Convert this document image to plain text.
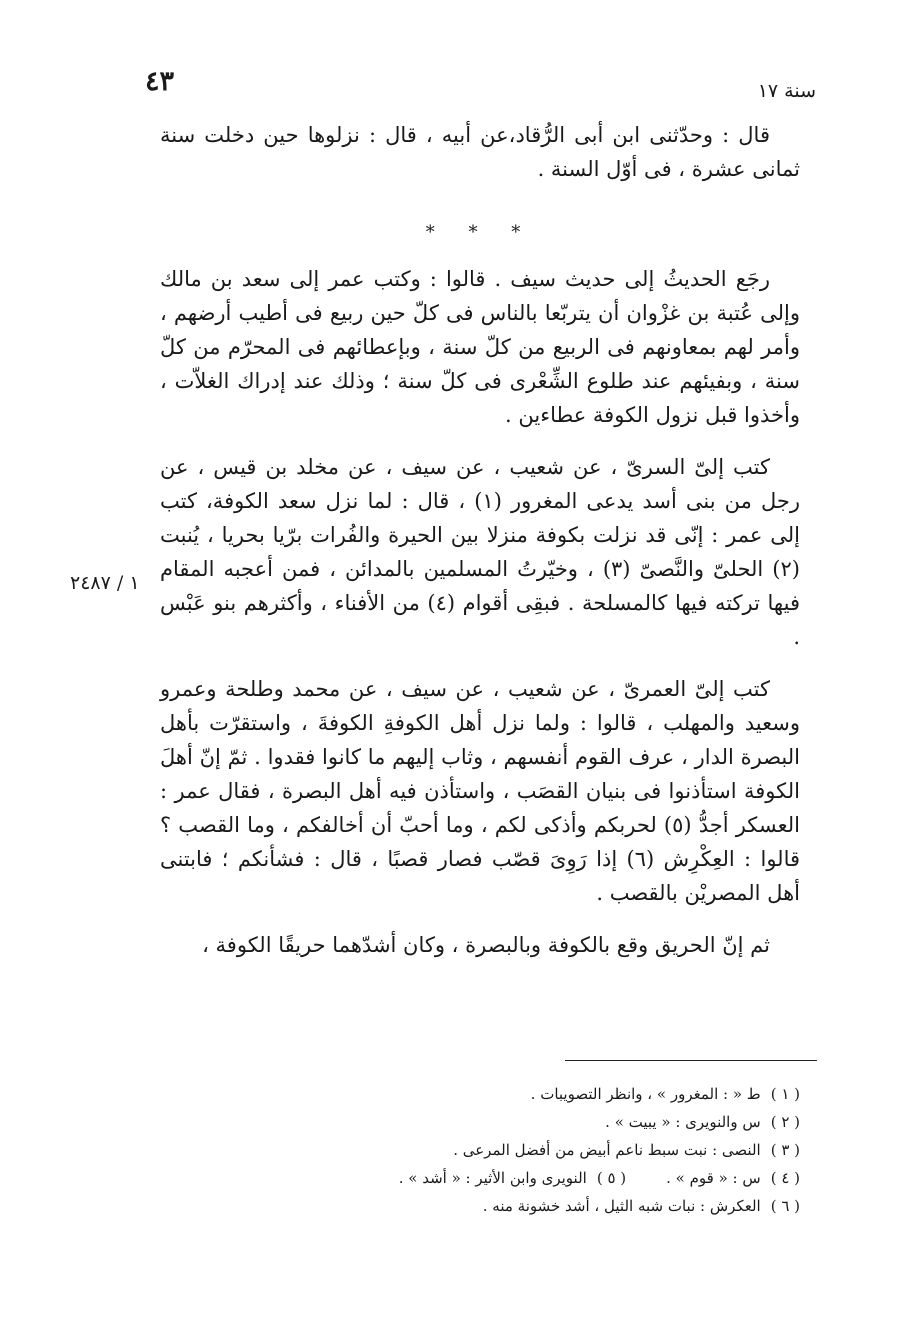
٤٣	سنة ١٧

قال : وحدّثنى ابن أبى الرُّقاد،عن أبيه ، قال : نزلوها حين دخلت سنة ثمانى عشرة ، فى أوّل السنة .

* * *

رجَع الحديثُ إلى حديث سيف . قالوا : وكتب عمر إلى سعد بن مالك وإلى عُتبة بن غزْوان أن يتربّعا بالناس فى كلّ حين ربيع فى أطيب أرضهم ، وأمر لهم بمعاونهم فى الربيع من كلّ سنة ، وبإعطائهم فى المحرّم من كلّ سنة ، وبفيئهم عند طلوع الشِّعْرى فى كلّ سنة ؛ وذلك عند إدراك الغلاّت ، وأخذوا قبل نزول الكوفة عطاءين .

كتب إلىّ السرىّ ، عن شعيب ، عن سيف ، عن مخلد بن قيس ، عن رجل من بنى أسد يدعى المغرور (١) ، قال : لما نزل سعد الكوفة، كتب إلى عمر : إنّى قد نزلت بكوفة منزلا بين الحيرة والفُرات برّيا بحريا ، يُنبت (٢) الحلىّ والنَّصىّ (٣) ، وخيّرتُ المسلمين بالمدائن ، فمن أعجبه المقام فيها تركته فيها كالمسلحة . فبقِى أقوام (٤) من الأفناء ، وأكثرهم بنو عَبْس .

كتب إلىّ العمرىّ ، عن شعيب ، عن سيف ، عن محمد وطلحة وعمرو وسعيد والمهلب ، قالوا : ولما نزل أهل الكوفةِ الكوفةَ ، واستقرّت بأهل البصرة الدار ، عرف القوم أنفسهم ، وثاب إليهم ما كانوا فقدوا . ثمّ إنّ أهلَ الكوفة استأذنوا فى بنيان القصَب ، واستأذن فيه أهل البصرة ، فقال عمر : العسكر أجدُّ (٥) لحربكم وأذكى لكم ، وما أحبّ أن أخالفكم ، وما القصب ؟ قالوا : العِكْرِش (٦) إذا رَوِىَ قصّب فصار قصبًا ، قال : فشأنكم ؛ فابتنى أهل المصريْن بالقصب .

ثم إنّ الحريق وقع بالكوفة وبالبصرة ، وكان أشدّهما حريقًا الكوفة ،

١ / ٢٤٨٧

( ١ )ط « : المغرور » ، وانظر التصويبات .

( ٢ )س والنويرى : « يبيت » .

( ٣ )النصى : نبت سبط ناعم أبيض من أفضل المرعى .

( ٤ )س : « قوم » .( ٥ )النويرى وابن الأثير : « أشد » .

( ٦ )العكرش : نبات شبه الثيل ، أشد خشونة منه .
